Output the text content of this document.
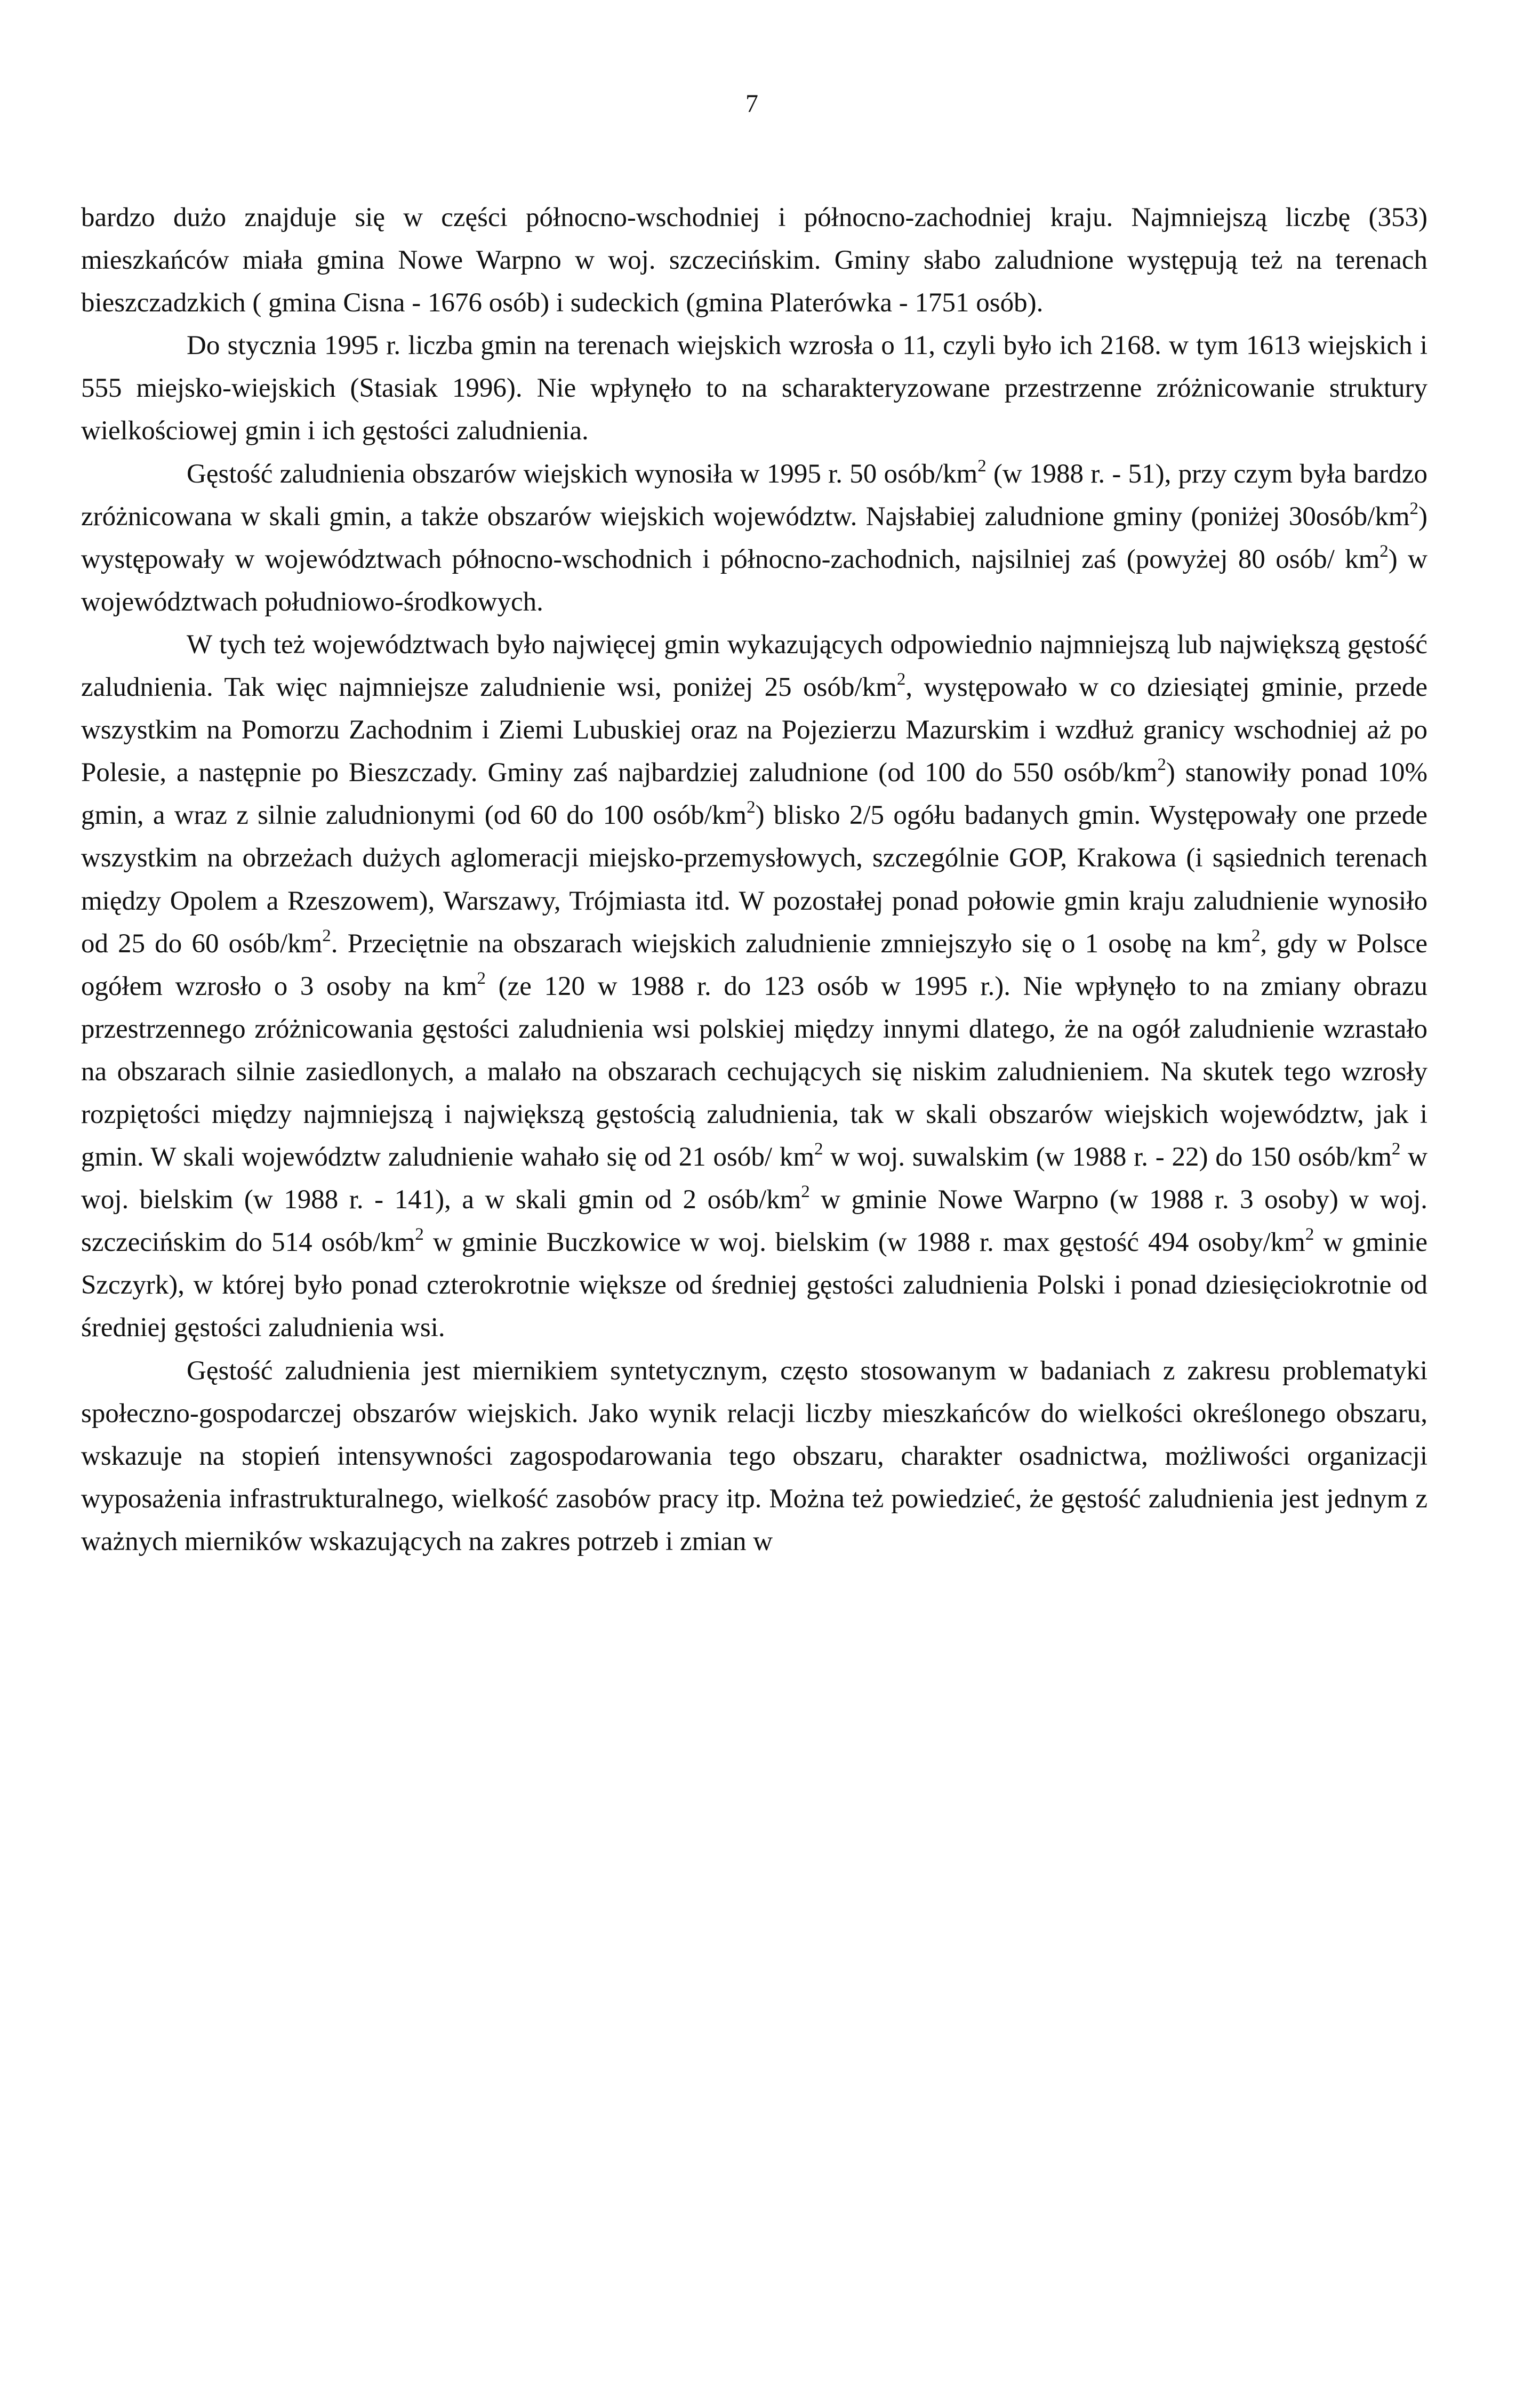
7

bardzo dużo znajduje się w części północno-wschodniej i północno-zachodniej kraju. Najmniejszą liczbę (353) mieszkańców miała gmina Nowe Warpno w woj. szczecińskim. Gminy słabo zaludnione występują też na terenach bieszczadzkich ( gmina Cisna - 1676 osób) i sudeckich (gmina Platerówka - 1751 osób).

Do stycznia 1995 r. liczba gmin na terenach wiejskich wzrosła o 11, czyli było ich 2168. w tym 1613 wiejskich i 555 miejsko-wiejskich (Stasiak 1996). Nie wpłynęło to na scharakteryzowane przestrzenne zróżnicowanie struktury wielkościowej gmin i ich gęstości zaludnienia.

Gęstość zaludnienia obszarów wiejskich wynosiła w 1995 r. 50 osób/$km^2$ (w 1988 r. - 51), przy czym była bardzo zróżnicowana w skali gmin, a także obszarów wiejskich województw. Najsłabiej zaludnione gminy (poniżej $30osób/km^2$) występowały w województwach północno-wschodnich i północno-zachodnich, najsilniej zaś (powyżej 80 osób/ $km^2$) w województwach południowo-środkowych.

W tych też województwach było najwięcej gmin wykazujących odpowiednio najmniejszą lub największą gęstość zaludnienia. Tak więc najmniejsze zaludnienie wsi, poniżej 25 osób/$km^2$, występowało w co dziesiątej gminie, przede wszystkim na Pomorzu Zachodnim i Ziemi Lubuskiej oraz na Pojezierzu Mazurskim i wzdłuż granicy wschodniej aż po Polesie, a następnie po Bieszczady. Gminy zaś najbardziej zaludnione (od 100 do 550 osób/$km^2$) stanowiły ponad 10% gmin, a wraz z silnie zaludnionymi (od 60 do 100 osób/$km^2$) blisko 2/5 ogółu badanych gmin. Występowały one przede wszystkim na obrzeżach dużych aglomeracji miejsko-przemysłowych, szczególnie GOP, Krakowa (i sąsiednich terenach między Opolem a Rzeszowem), Warszawy, Trójmiasta itd. W pozostałej ponad połowie gmin kraju zaludnienie wynosiło od 25 do 60 osób/$km^2$. Przeciętnie na obszarach wiejskich zaludnienie zmniejszyło się o 1 osobę na $km^2$, gdy w Polsce ogółem wzrosło o 3 osoby na $km^2$ (ze 120 w 1988 r. do 123 osób w 1995 r.). Nie wpłynęło to na zmiany obrazu przestrzennego zróżnicowania gęstości zaludnienia wsi polskiej między innymi dlatego, że na ogół zaludnienie wzrastało na obszarach silnie zasiedlonych, a malało na obszarach cechujących się niskim zaludnieniem. Na skutek tego wzrosły rozpiętości między najmniejszą i największą gęstością zaludnienia, tak w skali obszarów wiejskich województw, jak i gmin. W skali województw zaludnienie wahało się od 21 osób/ $km^2$ w woj. suwalskim (w 1988 r. - 22) do 150 osób/$km^2$ w woj. bielskim (w 1988 r. - 141), a w skali gmin od 2 osób/$km^2$ w gminie Nowe Warpno (w 1988 r. 3 osoby) w woj. szczecińskim do 514 osób/$km^2$ w gminie Buczkowice w woj. bielskim (w 1988 r. max gęstość 494 osoby/$km^2$ w gminie Szczyrk), w której było ponad czterokrotnie większe od średniej gęstości zaludnienia Polski i ponad dziesięciokrotnie od średniej gęstości zaludnienia wsi.

Gęstość zaludnienia jest miernikiem syntetycznym, często stosowanym w badaniach z zakresu problematyki społeczno-gospodarczej obszarów wiejskich. Jako wynik relacji liczby mieszkańców do wielkości określonego obszaru, wskazuje na stopień intensywności zagospodarowania tego obszaru, charakter osadnictwa, możliwości organizacji wyposażenia infrastrukturalnego, wielkość zasobów pracy itp. Można też powiedzieć, że gęstość zaludnienia jest jednym z ważnych mierników wskazujących na zakres potrzeb i zmian w
